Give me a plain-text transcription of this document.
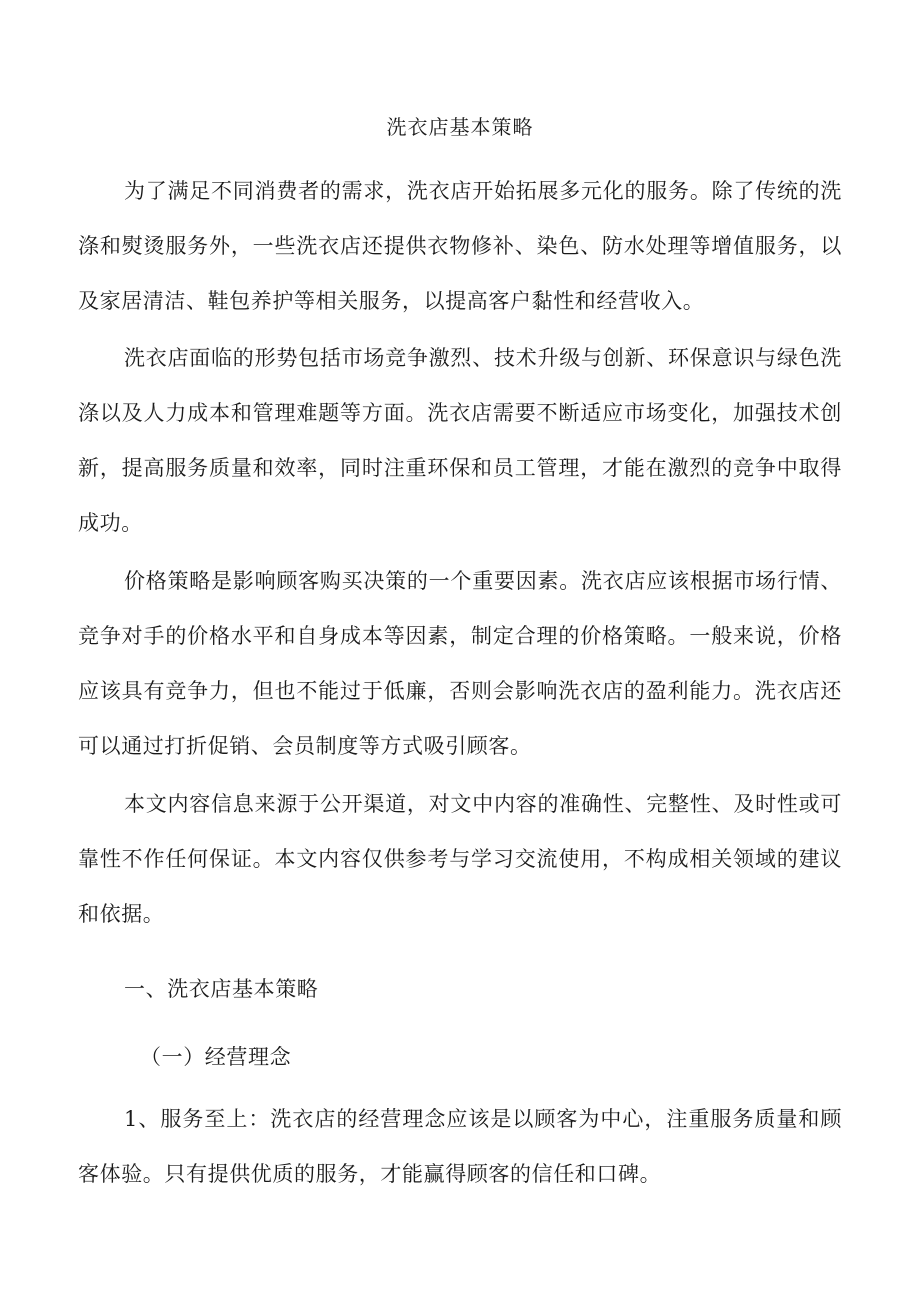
洗衣店基本策略

为了满足不同消费者的需求，洗衣店开始拓展多元化的服务。除了传统的洗涤和熨烫服务外，一些洗衣店还提供衣物修补、染色、防水处理等增值服务，以及家居清洁、鞋包养护等相关服务，以提高客户黏性和经营收入。

洗衣店面临的形势包括市场竞争激烈、技术升级与创新、环保意识与绿色洗涤以及人力成本和管理难题等方面。洗衣店需要不断适应市场变化，加强技术创新，提高服务质量和效率，同时注重环保和员工管理，才能在激烈的竞争中取得成功。

价格策略是影响顾客购买决策的一个重要因素。洗衣店应该根据市场行情、竞争对手的价格水平和自身成本等因素，制定合理的价格策略。一般来说，价格应该具有竞争力，但也不能过于低廉，否则会影响洗衣店的盈利能力。洗衣店还可以通过打折促销、会员制度等方式吸引顾客。

本文内容信息来源于公开渠道，对文中内容的准确性、完整性、及时性或可靠性不作任何保证。本文内容仅供参考与学习交流使用，不构成相关领域的建议和依据。

一、洗衣店基本策略
（一）经营理念

1、服务至上：洗衣店的经营理念应该是以顾客为中心，注重服务质量和顾客体验。只有提供优质的服务，才能赢得顾客的信任和口碑。
